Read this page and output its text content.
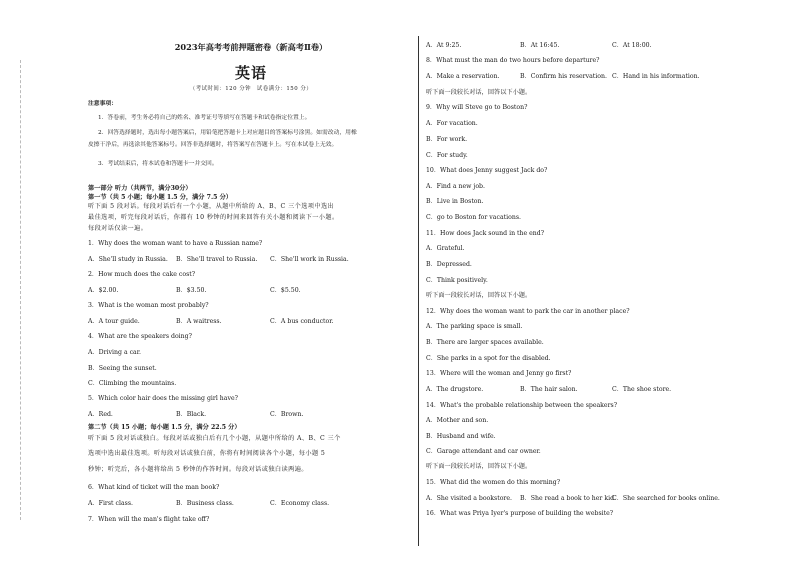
2023年高考考前押题密卷（新高考Ⅱ卷）
英语
（考试时间：120 分钟　试卷满分：150 分）
注意事项：
1．答卷前，考生务必将自己的姓名、准考证号等填写在答题卡和试卷指定位置上。
2．回答选择题时，选出每小题答案后，用铅笔把答题卡上对应题目的答案标号涂黑。如需改动，用橡
皮擦干净后，再选涂其他答案标号。回答非选择题时，将答案写在答题卡上。写在本试卷上无效。
3．考试结束后，将本试卷和答题卡一并交回。
第一部分 听力（共两节，满分30分）
第一节（共 5 小题；每小题 1.5 分，满分 7.5 分）
听下面 5 段对话。每段对话后有一个小题，从题中所给的 A、B、C 三个选项中选出
最佳选项，听完每段对话后，你都有 10 秒钟的时间来回答有关小题和阅读下一小题。
每段对话仅读一遍。
1．Why does the woman want to have a Russian name?
A．She'll study in Russia. B．She'll travel to Russia. C．She'll work in Russia.
2．How much does the cake cost?
A．$2.00.	B．$3.50.	C．$5.50.
3．What is the woman most probably?
A．A tour guide.	B．A waitress.	C．A bus conductor.
4．What are the speakers doing?
A．Driving a car.
B．Seeing the sunset.
C．Climbing the mountains.
5．Which color hair does the missing girl have?
A．Red.	B．Black.	C．Brown.
第二节（共 15 小题；每小题 1.5 分，满分 22.5 分）
听下面 5 段对话或独白。每段对话或独白后有几个小题，从题中所给的 A、B、C 三个
选项中选出最佳选项。听每段对话或独白前，你将有时间阅读各个小题，每小题 5
秒钟；听完后，各小题将给出 5 秒钟的作答时间。每段对话或独白读两遍。
6．What kind of ticket will the man book?
A．First class.	B．Business class.	C．Economy class.
7．When will the man's flight take off?
A．At 9:25.	B．At 16:45.	C．At 18:00.
8．What must the man do two hours before departure?
A．Make a reservation.	B．Confirm his reservation. C．Hand in his information.
听下面一段较长对话，回答以下小题。
9．Why will Steve go to Boston?
A．For vacation.
B．For work.
C．For study.
10．What does Jenny suggest Jack do?
A．Find a new job.
B．Live in Boston.
C．go to Boston for vacations.
11．How does Jack sound in the end?
A．Grateful.
B．Depressed.
C．Think positively.
听下面一段较长对话，回答以下小题。
12．Why does the woman want to park the car in another place?
A．The parking space is small.
B．There are larger spaces available.
C．She parks in a spot for the disabled.
13．Where will the woman and Jenny go first?
A．The drugstore.	B．The hair salon.	C．The shoe store.
14．What's the probable relationship between the speakers?
A．Mother and son.
B．Husband and wife.
C．Garage attendant and car owner.
听下面一段较长对话，回答以下小题。
15．What did the women do this morning?
A．She visited a bookstore. B．She read a book to her kid.
C．She searched for books online.
16．What was Priya Iyer's purpose of building the website?
